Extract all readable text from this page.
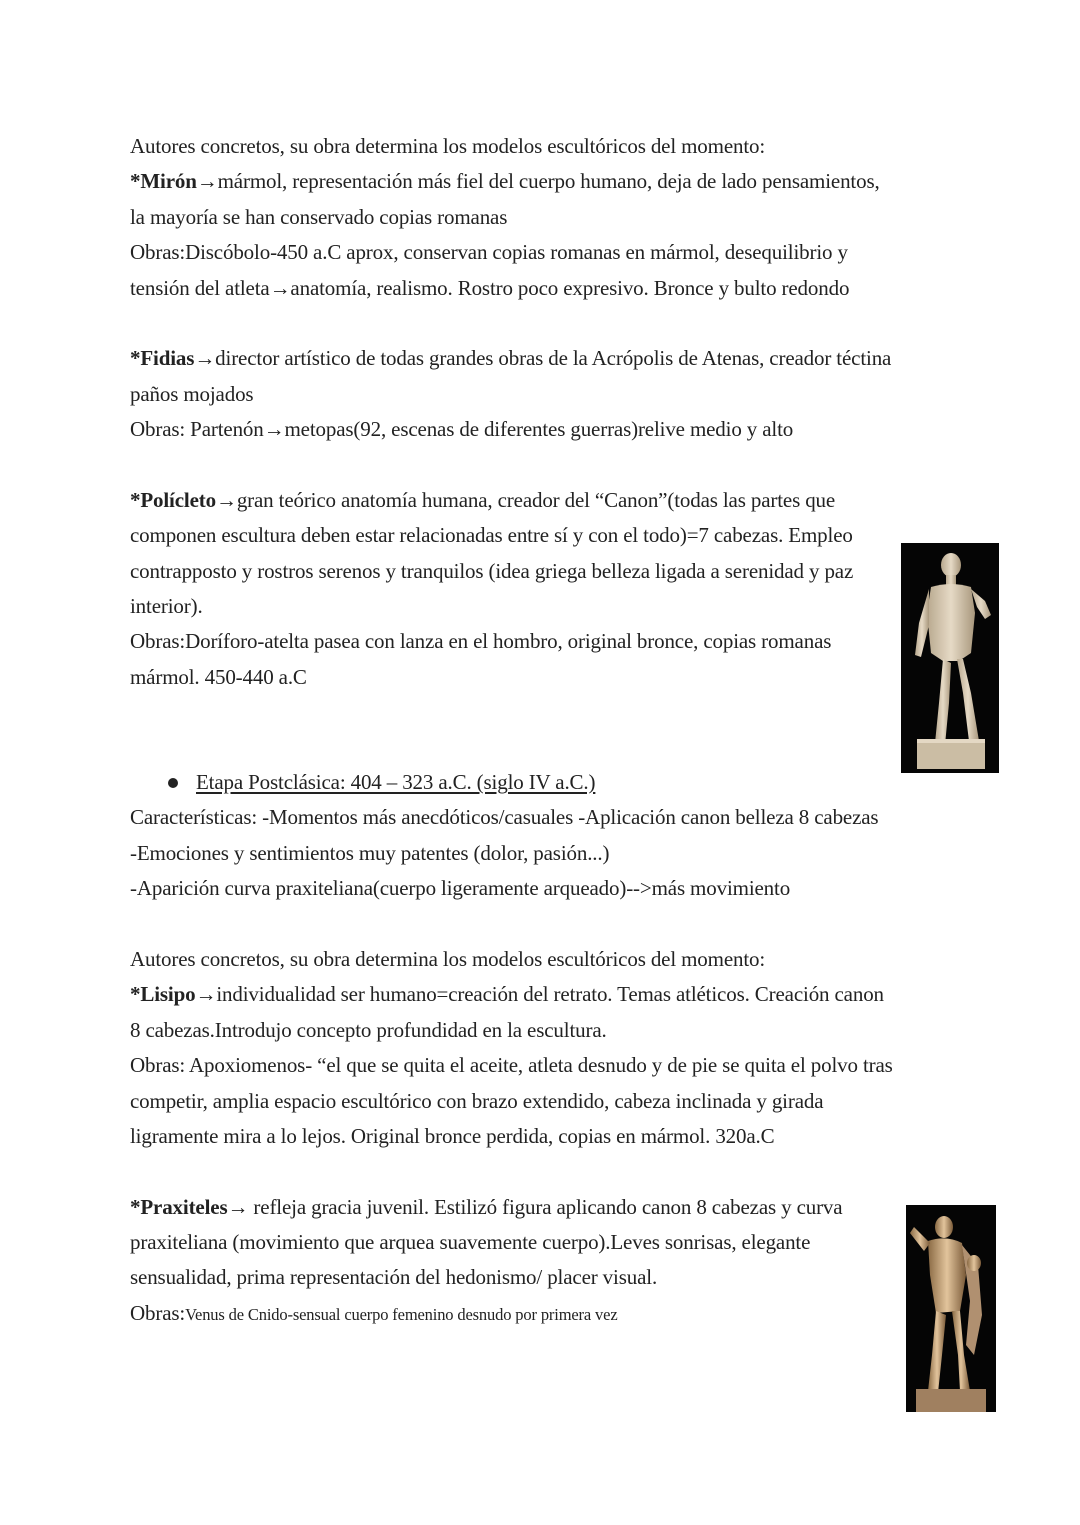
Autores concretos, su obra determina los modelos escultóricos del momento:
*Mirón→mármol, representación más fiel del cuerpo humano, deja de lado pensamientos,
la mayoría se han conservado copias romanas
Obras:Discóbolo-450 a.C aprox, conservan copias romanas en mármol, desequilibrio y
tensión del atleta→anatomía, realismo. Rostro poco expresivo. Bronce y bulto redondo
*Fidias→director artístico de todas grandes obras de la Acrópolis de Atenas, creador téctina
paños mojados
Obras: Partenón→metopas(92, escenas de diferentes guerras)relive medio y alto
*Polícleto→gran teórico anatomía humana, creador del “Canon”(todas las partes que
componen escultura deben estar relacionadas entre sí y con el todo)=7 cabezas. Empleo
contrapposto y rostros serenos y tranquilos (idea griega belleza ligada a serenidad y paz
interior).
Obras:Doríforo-atelta pasea con lanza en el hombro, original bronce, copias romanas
mármol. 450-440 a.C
Etapa Postclásica: 404 – 323 a.C. (siglo IV a.C.)
Características: -Momentos más anecdóticos/casuales -Aplicación canon belleza 8 cabezas
-Emociones y sentimientos muy patentes (dolor, pasión...)
-Aparición curva praxiteliana(cuerpo ligeramente arqueado)-->más movimiento
Autores concretos, su obra determina los modelos escultóricos del momento:
*Lisipo→individualidad ser humano=creación del retrato. Temas atléticos. Creación canon
8 cabezas.Introdujo concepto profundidad en la escultura.
Obras: Apoxiomenos- “el que se quita el aceite, atleta desnudo y de pie se quita el polvo tras
competir, amplia espacio escultórico con brazo extendido, cabeza inclinada y girada
ligramente mira a lo lejos. Original bronce perdida, copias en mármol. 320a.C
*Praxiteles→ refleja gracia juvenil. Estilizó figura aplicando canon 8 cabezas y curva
praxiteliana (movimiento que arquea suavemente cuerpo).Leves sonrisas, elegante
sensualidad, prima representación del hedonismo/ placer visual.
Obras:Venus de Cnido-sensual cuerpo femenino desnudo por primera vez
